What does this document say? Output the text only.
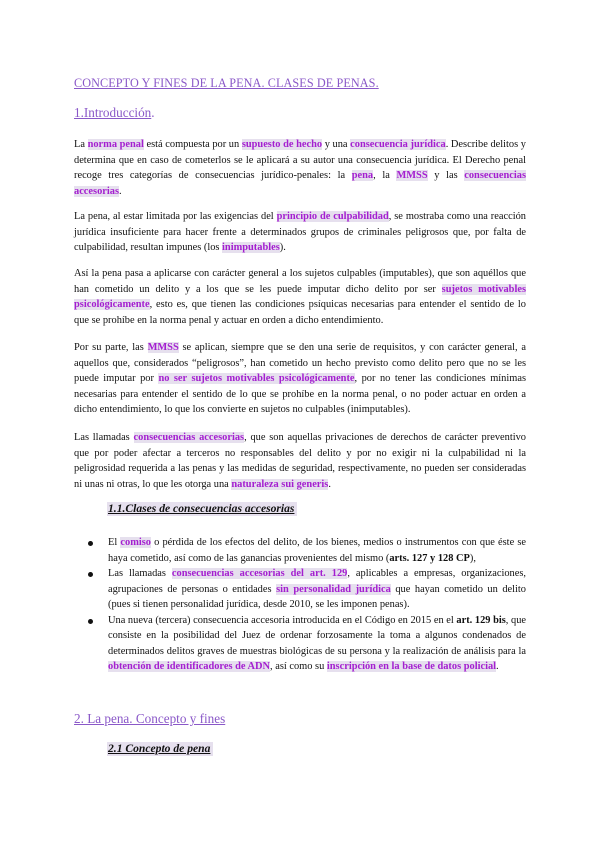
CONCEPTO Y FINES DE LA PENA. CLASES DE PENAS.
1.Introducción.
La norma penal está compuesta por un supuesto de hecho y una consecuencia jurídica. Describe delitos y determina que en caso de cometerlos se le aplicará a su autor una consecuencia jurídica. El Derecho penal recoge tres categorías de consecuencias jurídico-penales: la pena, la MMSS y las consecuencias accesorias.
La pena, al estar limitada por las exigencias del principio de culpabilidad, se mostraba como una reacción jurídica insuficiente para hacer frente a determinados grupos de criminales peligrosos que, por falta de culpabilidad, resultan impunes (los inimputables).
Así la pena pasa a aplicarse con carácter general a los sujetos culpables (imputables), que son aquéllos que han cometido un delito y a los que se les puede imputar dicho delito por ser sujetos motivables psicológicamente, esto es, que tienen las condiciones psíquicas necesarias para entender el sentido de lo que se prohíbe en la norma penal y actuar en orden a dicho entendimiento.
Por su parte, las MMSS se aplican, siempre que se den una serie de requisitos, y con carácter general, a aquellos que, considerados “peligrosos”, han cometido un hecho previsto como delito pero que no se les puede imputar por no ser sujetos motivables psicológicamente, por no tener las condiciones mínimas necesarias para entender el sentido de lo que se prohíbe en la norma penal, o no poder actuar en orden a dicho entendimiento, lo que los convierte en sujetos no culpables (inimputables).
Las llamadas consecuencias accesorias, que son aquellas privaciones de derechos de carácter preventivo que por poder afectar a terceros no responsables del delito y por no exigir ni la culpabilidad ni la peligrosidad requerida a las penas y las medidas de seguridad, respectivamente, no pueden ser consideradas ni unas ni otras, lo que les otorga una naturaleza sui generis.
1.1.Clases de consecuencias accesorias
El comiso o pérdida de los efectos del delito, de los bienes, medios o instrumentos con que éste se haya cometido, así como de las ganancias provenientes del mismo (arts. 127 y 128 CP),
Las llamadas consecuencias accesorias del art. 129, aplicables a empresas, organizaciones, agrupaciones de personas o entidades sin personalidad jurídica que hayan cometido un delito (pues si tienen personalidad jurídica, desde 2010, se les imponen penas).
Una nueva (tercera) consecuencia accesoria introducida en el Código en 2015 en el art. 129 bis, que consiste en la posibilidad del Juez de ordenar forzosamente la toma a algunos condenados de determinados delitos graves de muestras biológicas de su persona y la realización de análisis para la obtención de identificadores de ADN, así como su inscripción en la base de datos policial.
2. La pena. Concepto y fines
2.1 Concepto de pena
